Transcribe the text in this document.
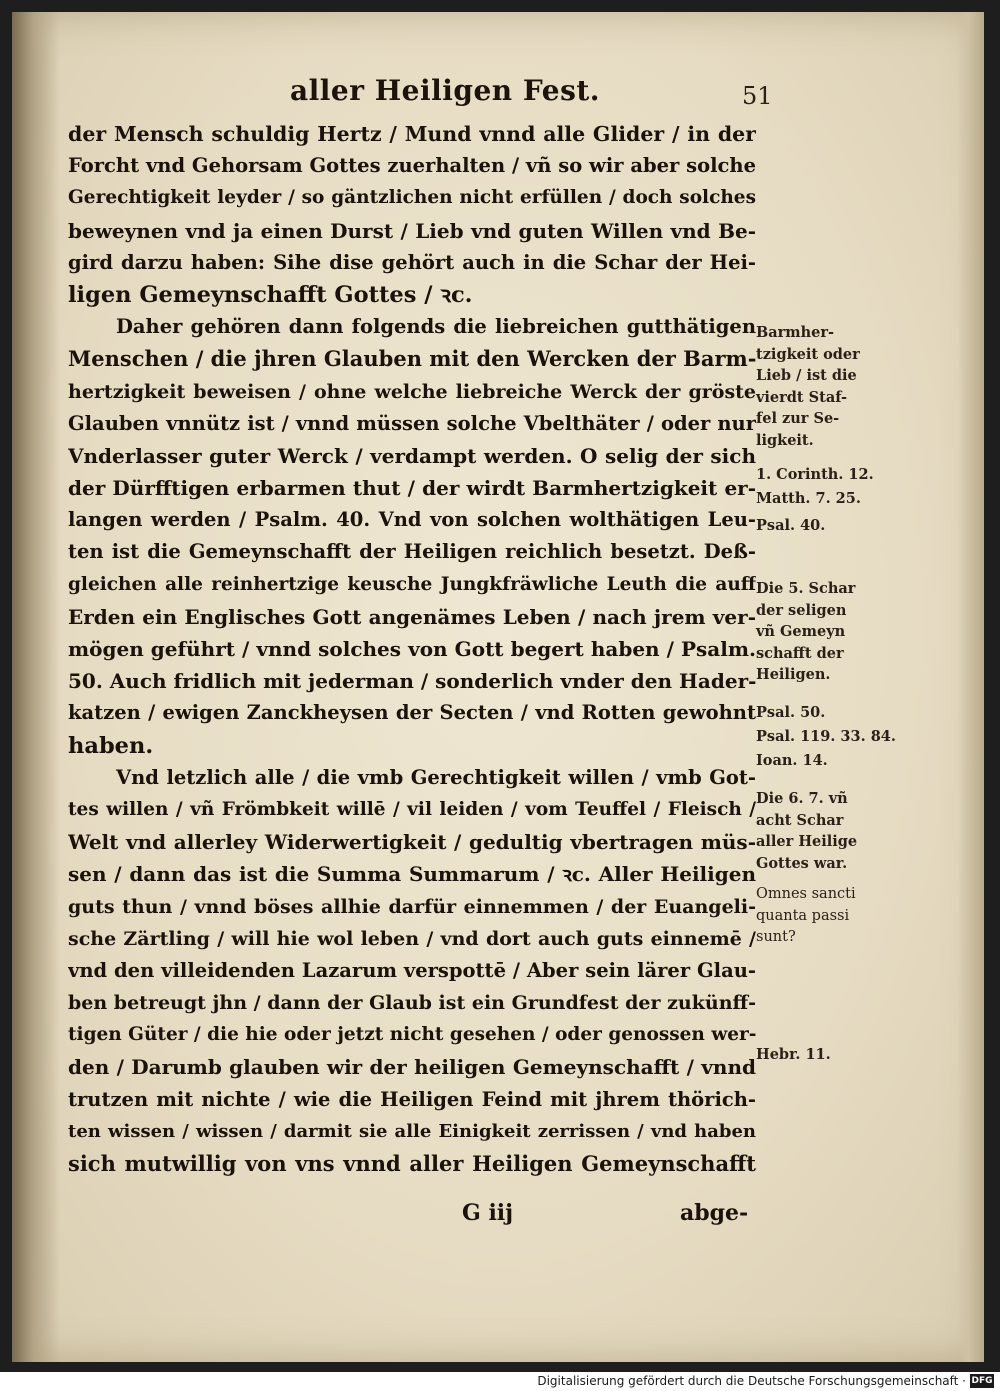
aller Heiligen Fest.	51
der Mensch schuldig Hertz / Mund vnnd alle Glider / in der
Forcht vnd Gehorsam Gottes zuerhalten / vñ so wir aber solche
Gerechtigkeit leyder / so gäntzlichen nicht erfüllen / doch solches
beweynen vnd ja einen Durst / Lieb vnd guten Willen vnd Be-
gird darzu haben: Sihe dise gehört auch in die Schar der Hei-
ligen Gemeynschafft Gottes / ꝛc.
Daher gehören dann folgends die liebreichen gutthätigen
Menschen / die jhren Glauben mit den Wercken der Barm-
hertzigkeit beweisen / ohne welche liebreiche Werck der gröste
Glauben vnnütz ist / vnnd müssen solche Vbelthäter / oder nur
Vnderlasser guter Werck / verdampt werden. O selig der sich
der Dürfftigen erbarmen thut / der wirdt Barmhertzigkeit er-
langen werden / Psalm. 40. Vnd von solchen wolthätigen Leu-
ten ist die Gemeynschafft der Heiligen reichlich besetzt. Deß-
gleichen alle reinhertzige keusche Jungkfräwliche Leuth die auff
Erden ein Englisches Gott angenämes Leben / nach jrem ver-
mögen geführt / vnnd solches von Gott begert haben / Psalm.
50. Auch fridlich mit jederman / sonderlich vnder den Hader-
katzen / ewigen Zanckheysen der Secten / vnd Rotten gewohnt
haben.
Vnd letzlich alle / die vmb Gerechtigkeit willen / vmb Got-
tes willen / vñ Frömbkeit willē / vil leiden / vom Teuffel / Fleisch /
Welt vnd allerley Widerwertigkeit / gedultig vbertragen müs-
sen / dann das ist die Summa Summarum / ꝛc. Aller Heiligen
guts thun / vnnd böses allhie darfür einnemmen / der Euangeli-
sche Zärtling / will hie wol leben / vnd dort auch guts einnemē /
vnd den villeidenden Lazarum verspottē / Aber sein lärer Glau-
ben betreugt jhn / dann der Glaub ist ein Grundfest der zukünff-
tigen Güter / die hie oder jetzt nicht gesehen / oder genossen wer-
den / Darumb glauben wir der heiligen Gemeynschafft / vnnd
trutzen mit nichte / wie die Heiligen Feind mit jhrem thörich-
ten wissen / wissen / darmit sie alle Einigkeit zerrissen / vnd haben
sich mutwillig von vns vnnd aller Heiligen Gemeynschafft
Barmher-
tzigkeit oder
Lieb / ist die
vierdt Staf-
fel zur Se-
ligkeit.
1. Corinth. 12.
Matth. 7. 25.
Psal. 40.
Die 5. Schar
der seligen
vñ Gemeyn
schafft der
Heiligen.
Psal. 50.
Psal. 119. 33. 84.
Ioan. 14.
Die 6. 7. vñ
acht Schar
aller Heilige
Gottes war.
Omnes sancti
quanta passi
sunt?
Hebr. 11.
G iij	abge-
Digitalisierung gefördert durch die Deutsche Forschungsgemeinschaft · DFG
